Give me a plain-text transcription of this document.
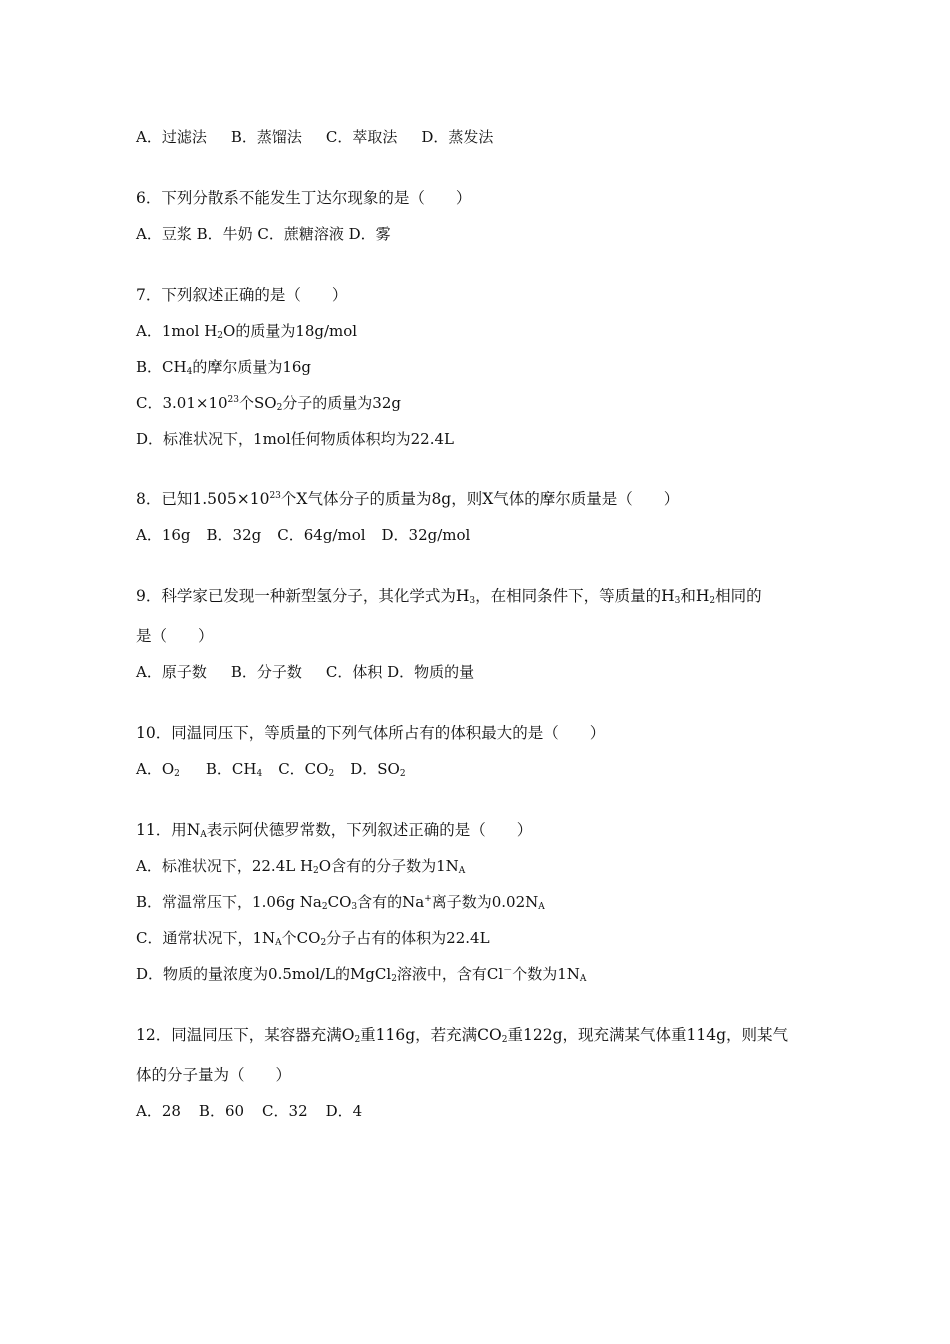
A．过滤法 B．蒸馏法 C．萃取法 D．蒸发法
6．下列分散系不能发生丁达尔现象的是（　　）
A．豆浆 B．牛奶 C．蔗糖溶液 D．雾
7．下列叙述正确的是（　　）
A．1mol $H_2O$的质量为18g/mol
B．$CH_4$的摩尔质量为16g
C．$3.01\times 10^{23}$个$SO_2$分子的质量为32g
D．标准状况下，1mol任何物质体积均为22.4L
8．已知$1.505\times 10^{23}$个X气体分子的质量为8g，则X气体的摩尔质量是（　　）
A．16g B．32g C．64g/mol D．32g/mol
9．科学家已发现一种新型氢分子，其化学式为$H_3$，在相同条件下，等质量的$H_3$和$H_2$相同的
是（　　）
A．原子数 B．分子数 C．体积 D．物质的量
10．同温同压下，等质量的下列气体所占有的体积最大的是（　　）
A．$O_2$ B．$CH_4$ C．$CO_2$ D．$SO_2$
11．用$N_A$表示阿伏德罗常数，下列叙述正确的是（　　）
A．标准状况下，22.4L $H_2O$含有的分子数为$1N_A$
B．常温常压下，1.06g $Na_2CO_3$含有的Na+离子数为$0.02N_A$
C．通常状况下，$1N_A$个$CO_2$分子占有的体积为22.4L
D．物质的量浓度为0.5mol/L的MgCl$_2$溶液中，含有Cl－个数为$1N_A$
12．同温同压下，某容器充满$O_2$重116g，若充满$CO_2$重122g，现充满某气体重114g，则某气
体的分子量为（　　）
A．28 B．60 C．32 D．4
